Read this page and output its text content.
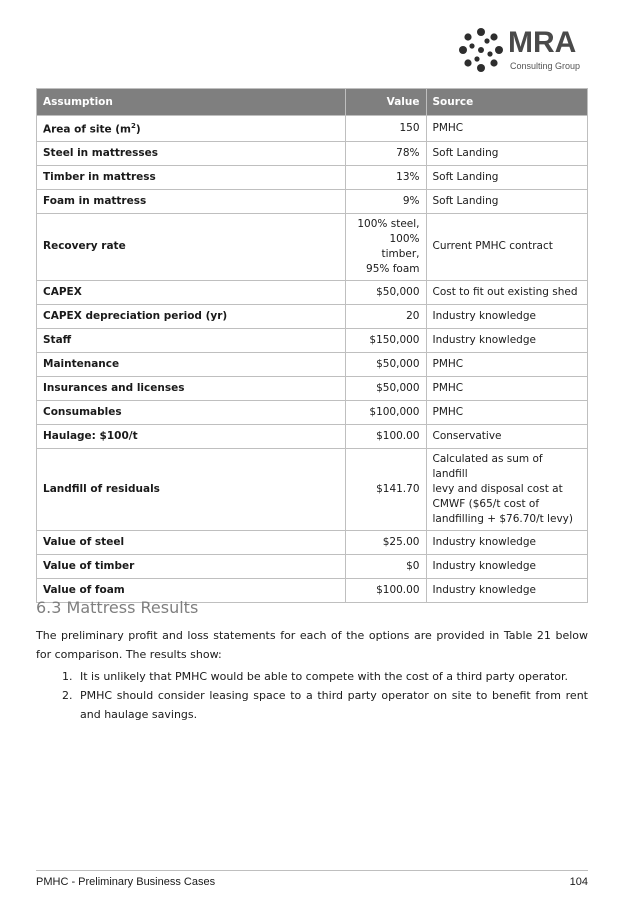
MRA
Consulting Group
Assumption	Value	Source
Area of site $(m^2)$	150	PMHC
Steel in mattresses	78%	Soft Landing
Timber in mattress	13%	Soft Landing
Foam in mattress	9%	Soft Landing
Recovery rate	100% steel,
100% timber,
95% foam	Current PMHC contract
CAPEX	$50,000	Cost to fit out existing shed
CAPEX depreciation period (yr)	20	Industry knowledge
Staff	$150,000	Industry knowledge
Maintenance	$50,000	PMHC
Insurances and licenses	$50,000	PMHC
Consumables	$100,000	PMHC
Haulage: $100/t	$100.00	Conservative
Landfill of residuals	$141.70	Calculated as sum of landfill
levy and disposal cost at
CMWF ($65/t cost of
landfilling + $76.70/t levy)

Value of steel	$25.00	Industry knowledge
Value of timber	$0	Industry knowledge
Value of foam	$100.00	Industry knowledge
6.3 Mattress Results

The preliminary profit and loss statements for each of the options are provided in Table 21 below for comparison. The results show:

1. It is unlikely that PMHC would be able to compete with the cost of a third party operator.
2. PMHC should consider leasing space to a third party operator on site to benefit from rent and haulage savings.
PMHC - Preliminary Business Cases	104
